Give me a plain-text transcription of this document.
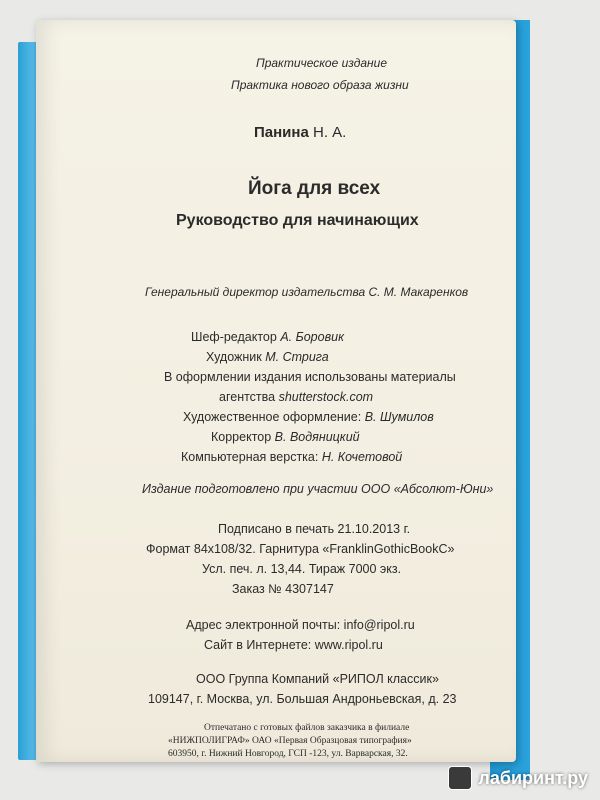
Практическое издание
Практика нового образа жизни
Панина Н. А.
Йога для всех
Руководство для начинающих
Генеральный директор издательства С. М. Макаренков
Шеф-редактор А. Боровик
Художник М. Стрига
В оформлении издания использованы материалы
агентства shutterstock.com
Художественное оформление: В. Шумилов
Корректор В. Водяницкий
Компьютерная верстка: Н. Кочетовой
Издание подготовлено при участии ООО «Абсолют-Юни»
Подписано в печать 21.10.2013 г.
Формат 84x108/32. Гарнитура «FranklinGothicBookC»
Усл. печ. л. 13,44. Тираж 7000 экз.
Заказ № 4307147
Адрес электронной почты: info@ripol.ru
Сайт в Интернете: www.ripol.ru
ООО Группа Компаний «РИПОЛ классик»
109147, г. Москва, ул. Большая Андроньевская, д. 23
Отпечатано с готовых файлов заказчика в филиале
«НИЖПОЛИГРАФ» ОАО «Первая Образцовая типография»
603950, г. Нижний Новгород, ГСП -123, ул. Варварская, 32.
лабиринт.ру
